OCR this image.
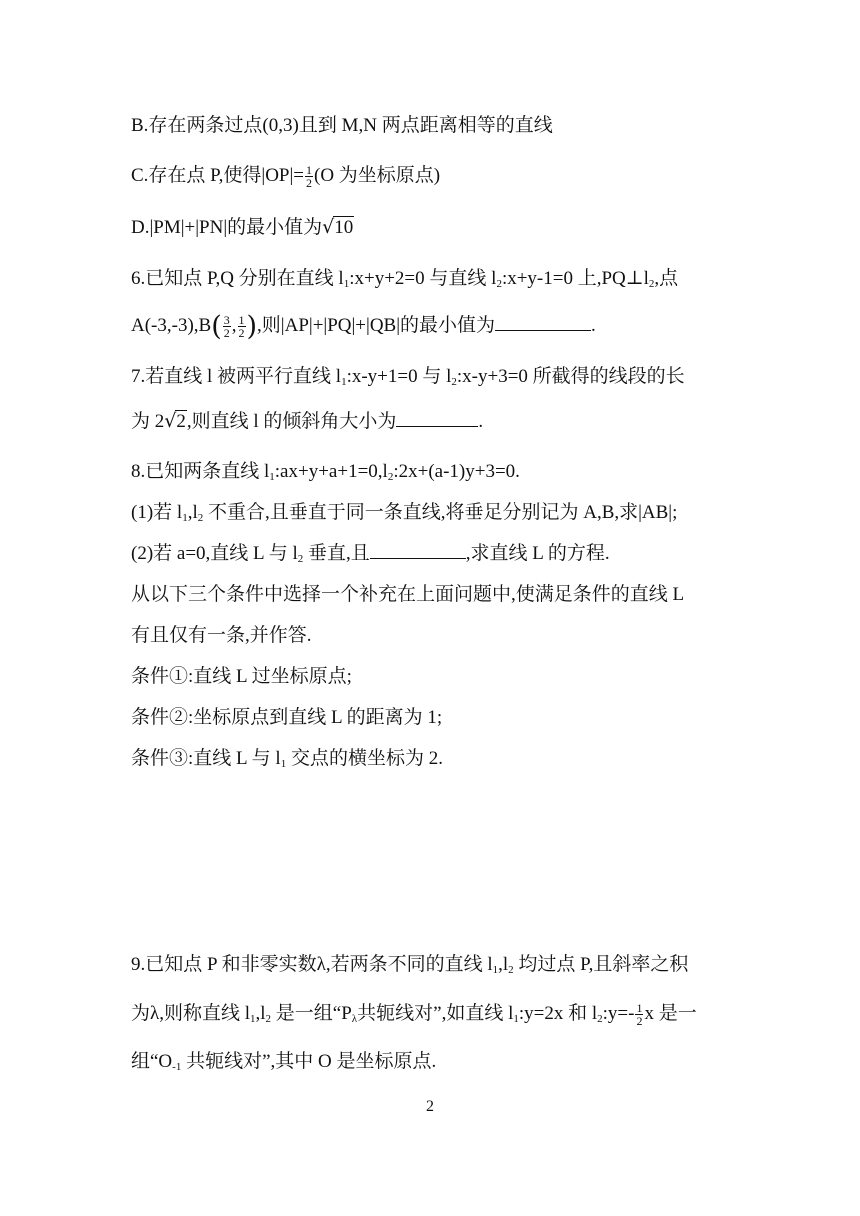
B.存在两条过点(0,3)且到 M,N 两点距离相等的直线
C.存在点 P,使得$|OP|= \frac{1}{2} (O$ 为坐标原点)
D.|PM|+|PN|的最小值为√10
6.已知点 P,Q 分别在直线 $l_1:x+y+2=0$ 与直线 $l_2:x+y-1=0$ 上$,PQ\perp l_2$,点
$A(-3,-3),B( \frac{3}{2}$ , $\frac{1}{2}$ ),则|AP|+|PQ|+|QB|的最小值为	.
7.若直线 l 被两平行直线 $l_1:x-y+1=0$ 与 $l_2:x-y+3=0$ 所截得的线段的长
为 2√2,则直线 l 的倾斜角大小为	.
8.已知两条直线 $l_1:ax+y+a+1=0,l_2:2x+(a-1)y+3=0$.
(1)若 $l_1,l_2$ 不重合,且垂直于同一条直线,将垂足分别记为 A,B,求|AB|;
(2)若 a=0,直线 L 与 $l_2$ 垂直,且	,求直线 L 的方程.
从以下三个条件中选择一个补充在上面问题中,使满足条件的直线 L
有且仅有一条,并作答.
条件①:直线 L 过坐标原点;
条件②:坐标原点到直线 L 的距离为 1;
条件③:直线 L 与 $l_1$ 交点的横坐标为 2.
9.已知点 P 和非零实数λ,若两条不同的直线 $l_1,l_2$ 均过点 P,且斜率之积
为λ,则称直线 $l_1,l_2$ 是一组“$P_\lambda$共轭线对”,如直线 $l_1:y=2x$ 和 $l_2:y=- \frac{1}{2}$ x 是一
组“$O_{-1}$ 共轭线对”,其中 O 是坐标原点.
2
